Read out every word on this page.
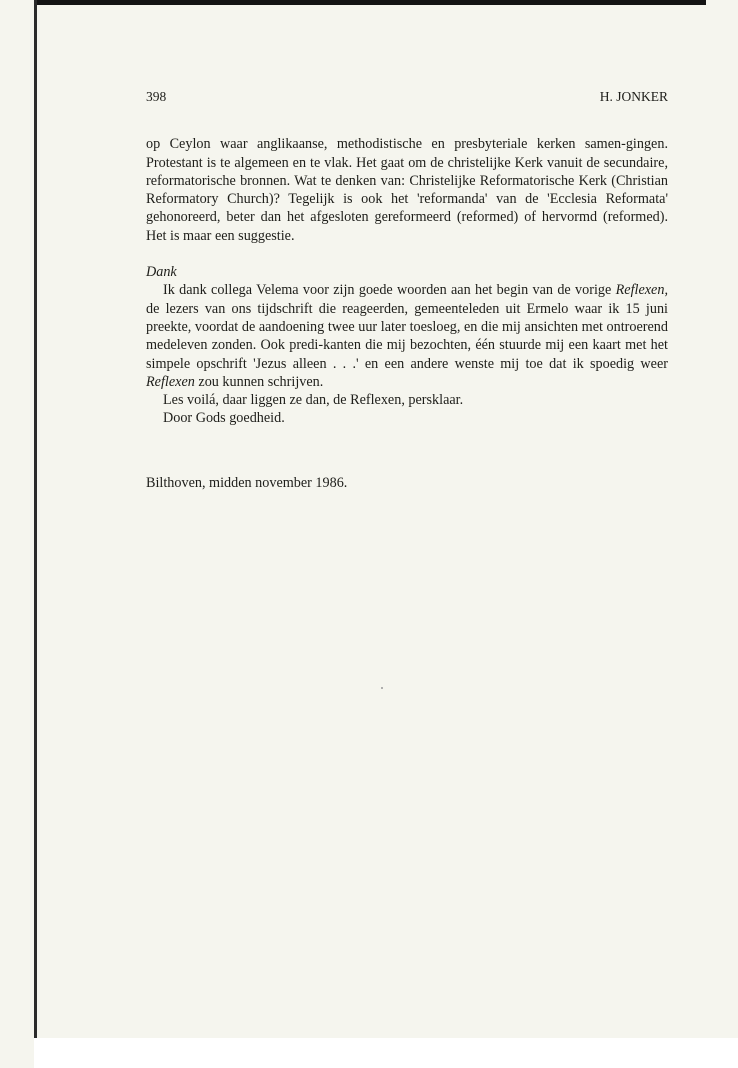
398	H. JONKER

op Ceylon waar anglikaanse, methodistische en presbyteriale kerken samen-gingen. Protestant is te algemeen en te vlak. Het gaat om de christelijke Kerk vanuit de secundaire, reformatorische bronnen. Wat te denken van: Christelijke Reformatorische Kerk (Christian Reformatory Church)? Tegelijk is ook het 'reformanda' van de 'Ecclesia Reformata' gehonoreerd, beter dan het afgesloten gereformeerd (reformed) of hervormd (reformed). Het is maar een suggestie.

Dank

Ik dank collega Velema voor zijn goede woorden aan het begin van de vorige Reflexen, de lezers van ons tijdschrift die reageerden, gemeenteleden uit Ermelo waar ik 15 juni preekte, voordat de aandoening twee uur later toesloeg, en die mij ansichten met ontroerend medeleven zonden. Ook predi-kanten die mij bezochten, één stuurde mij een kaart met het simpele opschrift 'Jezus alleen . . .' en een andere wenste mij toe dat ik spoedig weer Reflexen zou kunnen schrijven.

Les voilá, daar liggen ze dan, de Reflexen, persklaar.

Door Gods goedheid.

Bilthoven, midden november 1986.
